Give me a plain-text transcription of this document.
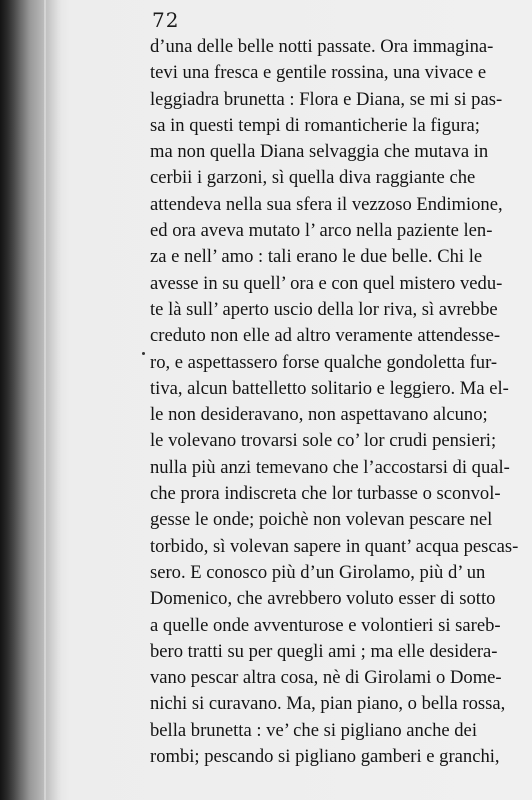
72
d’una delle belle notti passate. Ora immagina-
tevi una fresca e gentile rossina, una vivace e
leggiadra brunetta : Flora e Diana, se mi si pas-
sa in questi tempi di romanticherie la figura;
ma non quella Diana selvaggia che mutava in
cerbii i garzoni, sì quella diva raggiante che
attendeva nella sua sfera il vezzoso Endimione,
ed ora aveva mutato l’ arco nella paziente len-
za e nell’ amo : tali erano le due belle. Chi le
avesse in su quell’ ora e con quel mistero vedu-
te là sull’ aperto uscio della lor riva, sì avrebbe
creduto non elle ad altro veramente attendesse-
ro, e aspettassero forse qualche gondoletta fur-
tiva, alcun battelletto solitario e leggiero. Ma el-
le non desideravano, non aspettavano alcuno;
le volevano trovarsi sole co’ lor crudi pensieri;
nulla più anzi temevano che l’accostarsi di qual-
che prora indiscreta che lor turbasse o sconvol-
gesse le onde; poichè non volevan pescare nel
torbido, sì volevan sapere in quant’ acqua pescas-
sero. E conosco più d’un Girolamo, più d’ un
Domenico, che avrebbero voluto esser di sotto
a quelle onde avventurose e volontieri si sareb-
bero tratti su per quegli ami ; ma elle desidera-
vano pescar altra cosa, nè di Girolami o Dome-
nichi si curavano. Ma, pian piano, o bella rossa,
bella brunetta : ve’ che si pigliano anche dei
rombi; pescando si pigliano gamberi e granchi,
